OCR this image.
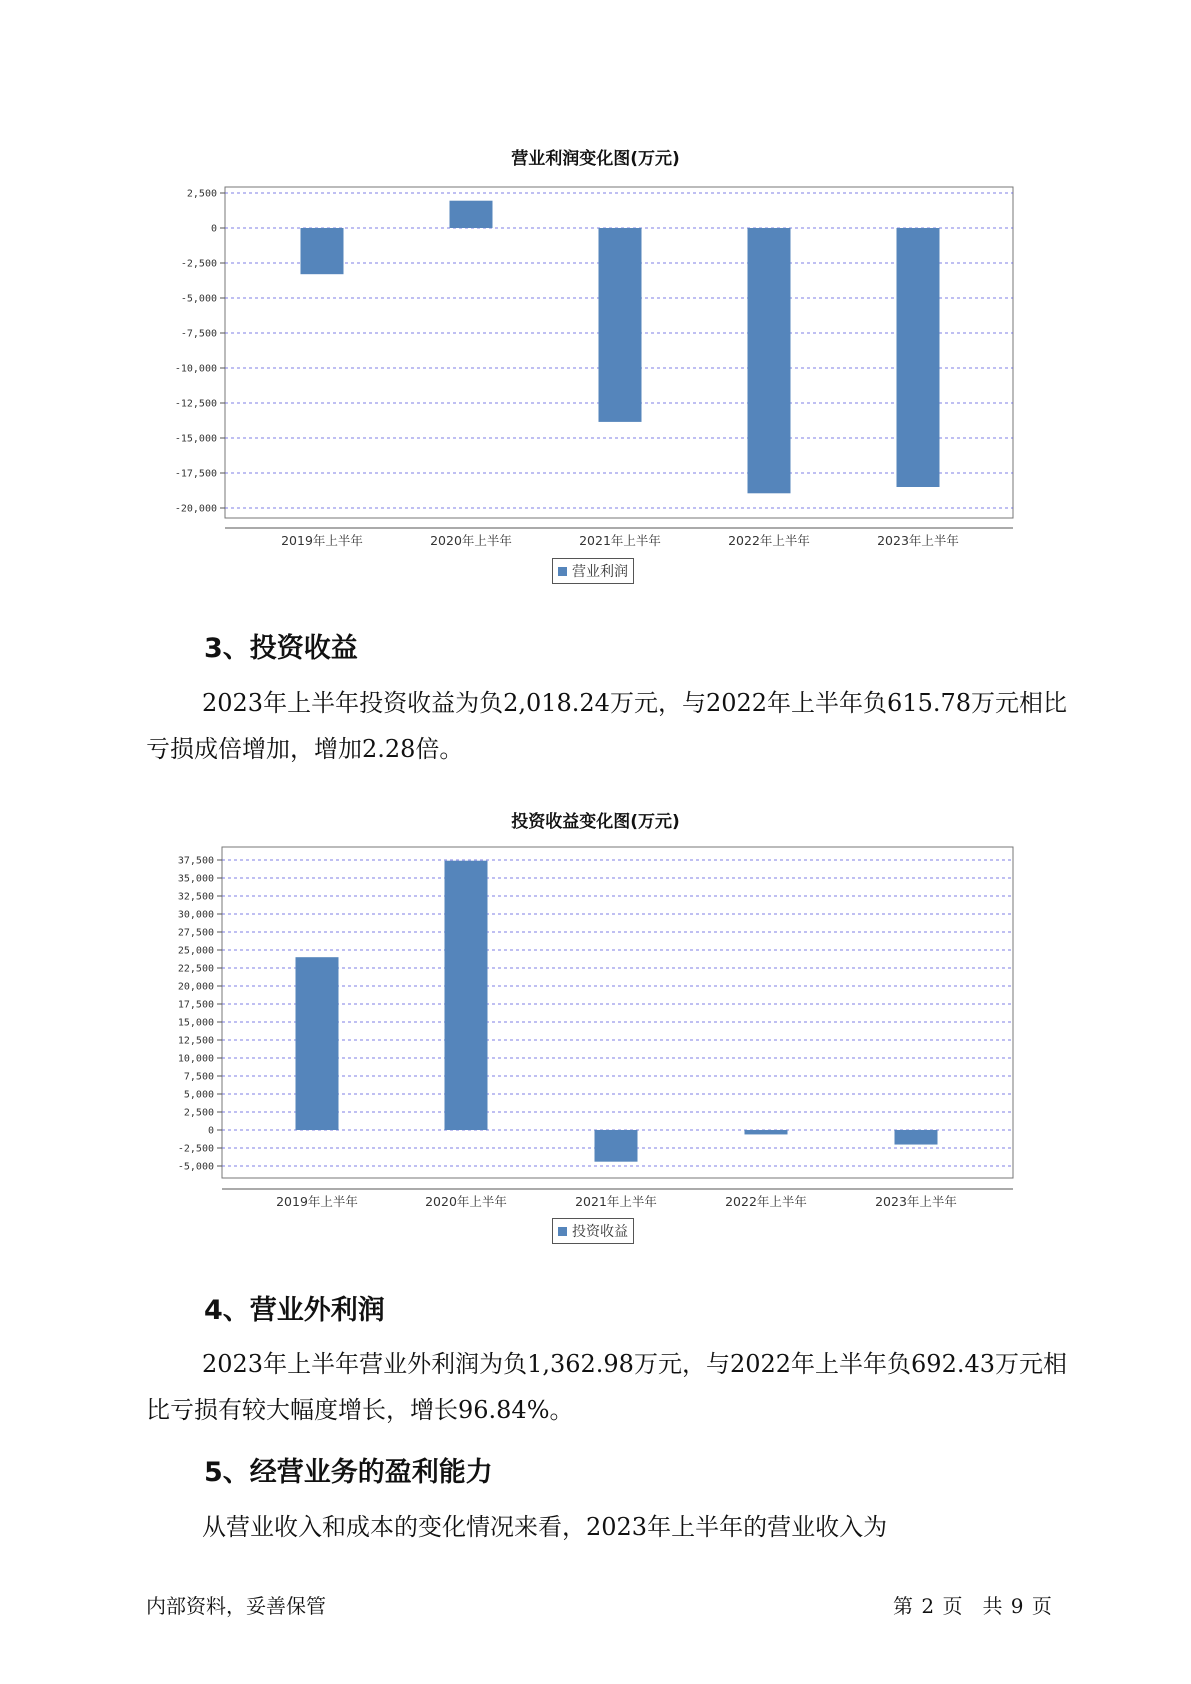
营业利润变化图(万元)
2,500
0
-2,500
-5,000
-7,500
-10,000
-12,500
-15,000
-17,500
-20,000
2019年上半年	2020年上半年	2021年上半年	2022年上半年	2023年上半年
营业利润
3、投资收益

2023年上半年投资收益为负2,018.24万元，与2022年上半年负615.78万元相比亏损成倍增加，增加2.28倍。

投资收益变化图(万元)
37,500
35,000
32,500
30,000
27,500
25,000
22,500
20,000
17,500
15,000
12,500
10,000
7,500
5,000
2,500
0
-2,500
-5,000
2019年上半年	2020年上半年	2021年上半年	2022年上半年	2023年上半年
投资收益
4、营业外利润

2023年上半年营业外利润为负1,362.98万元，与2022年上半年负692.43万元相比亏损有较大幅度增长，增长96.84%。

5、经营业务的盈利能力

从营业收入和成本的变化情况来看，2023年上半年的营业收入为

内部资料，妥善保管	第 2 页　共 9 页
